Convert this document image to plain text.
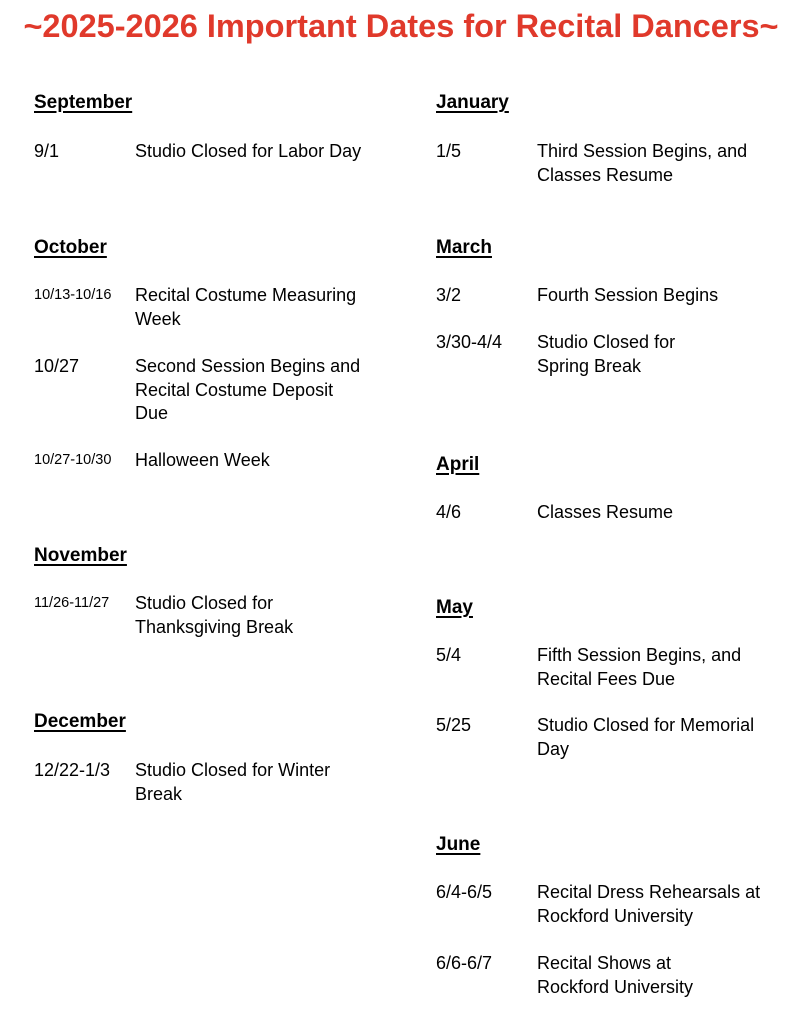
~2025-2026 Important Dates for Recital Dancers~
September
9/1	Studio Closed for Labor Day
October
10/13-10/16	Recital Costume Measuring
Week
10/27	Second Session Begins and
Recital Costume Deposit
Due
10/27-10/30	Halloween Week
November
11/26-11/27	Studio Closed for
Thanksgiving Break
December
12/22-1/3	Studio Closed for Winter
Break
January
1/5	Third Session Begins, and
Classes Resume
March
3/2	Fourth Session Begins
3/30-4/4	Studio Closed for
Spring Break
April
4/6	Classes Resume
May
5/4	Fifth Session Begins, and
Recital Fees Due
5/25	Studio Closed for Memorial
Day
June
6/4-6/5	Recital Dress Rehearsals at
Rockford University
6/6-6/7	Recital Shows at
Rockford University
